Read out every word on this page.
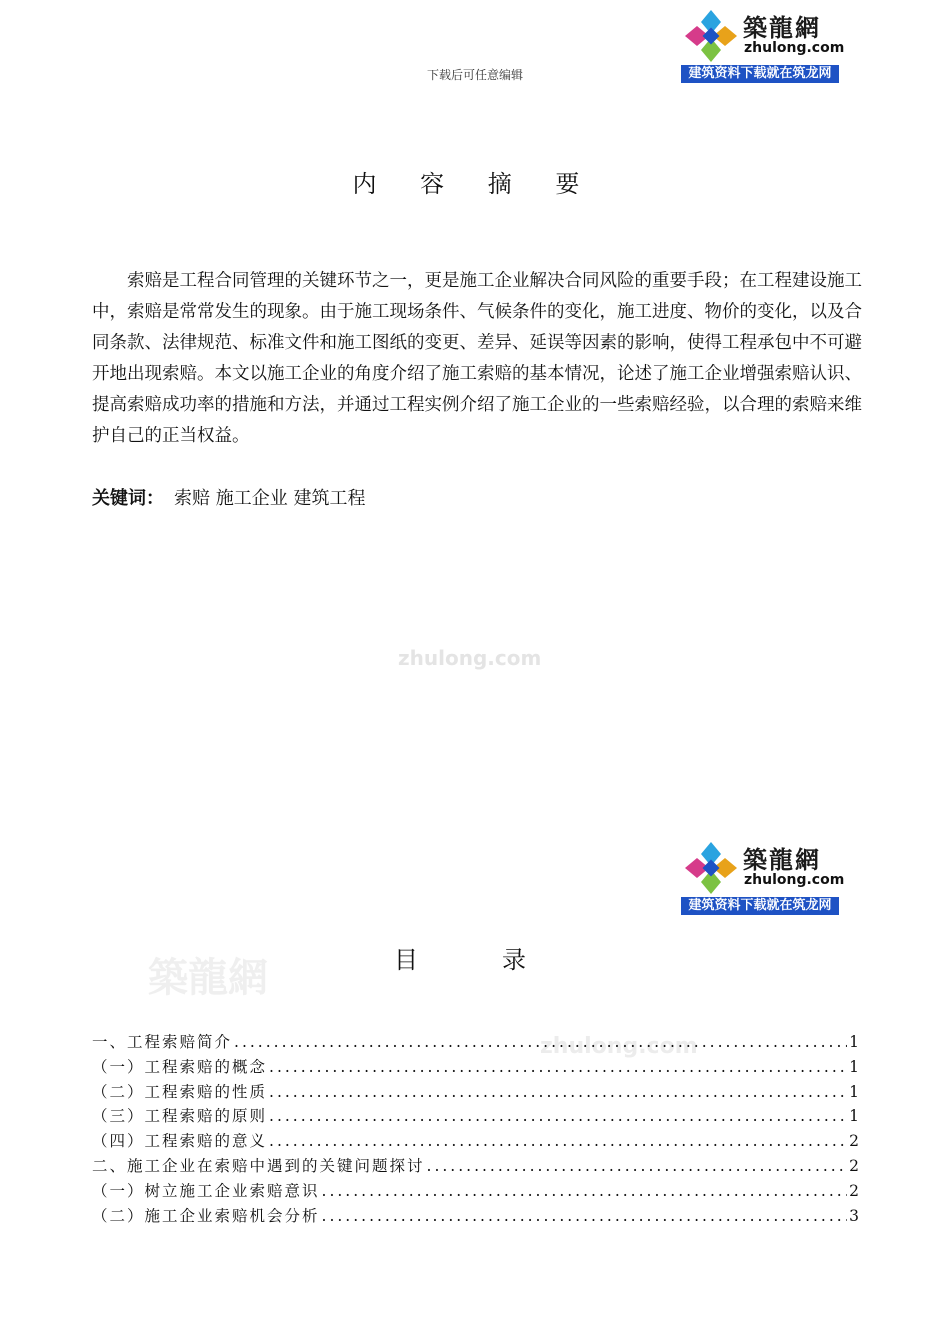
下载后可任意编辑
築龍網
zhulong.com
建筑资料下载就在筑龙网
内 容 摘 要
索赔是工程合同管理的关键环节之一，更是施工企业解决合同风险的重要手段；在工程建设施工中，索赔是常常发生的现象。由于施工现场条件、气候条件的变化，施工进度、物价的变化，以及合同条款、法律规范、标准文件和施工图纸的变更、差异、延误等因素的影响，使得工程承包中不可避开地出现索赔。本文以施工企业的角度介绍了施工索赔的基本情况，论述了施工企业增强索赔认识、提高索赔成功率的措施和方法，并通过工程实例介绍了施工企业的一些索赔经验，以合理的索赔来维护自己的正当权益。
关键词： 索赔 施工企业 建筑工程
zhulong.com
築龍網
zhulong.com
建筑资料下载就在筑龙网
目　录
築龍網
zhulong.com
一、工程索赔简介 .....	1
（一）工程索赔的概念 .....	1
（二）工程索赔的性质 .....	1
（三）工程索赔的原则 .....	1
（四）工程索赔的意义 .....	2
二、施工企业在索赔中遇到的关键问题探讨 .....	2
（一）树立施工企业索赔意识 .....	2
（二）施工企业索赔机会分析 .....	3
